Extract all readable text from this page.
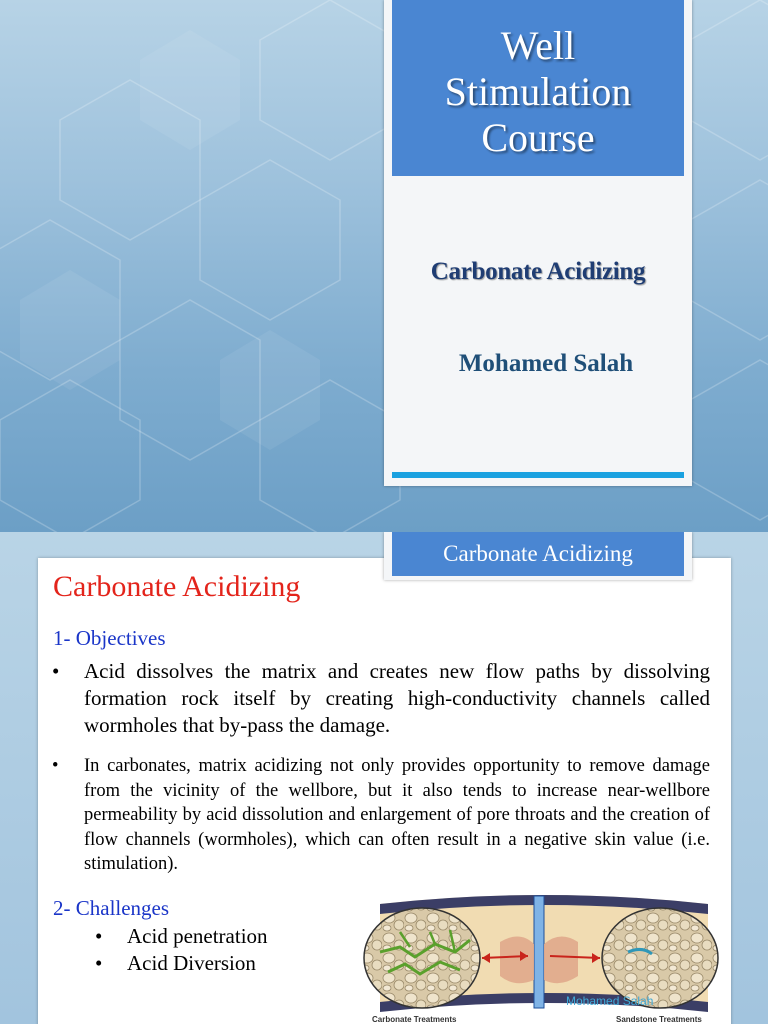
Well Stimulation Course
Carbonate Acidizing
Mohamed Salah
Carbonate Acidizing
Carbonate Acidizing
1- Objectives
•	Acid dissolves the matrix and creates new flow paths by dissolving formation rock itself by creating high-conductivity channels called wormholes that by-pass the damage.
•	In carbonates, matrix acidizing not only provides opportunity to remove damage from the vicinity of the wellbore, but it also tends to increase near-wellbore permeability by acid dissolution and enlargement of pore throats and the creation of flow channels (wormholes), which can often result in a negative skin value (i.e. stimulation).
2- Challenges
•	Acid penetration
•	Acid Diversion
Mohamed Salah
Carbonate Treatments	Sandstone Treatments
